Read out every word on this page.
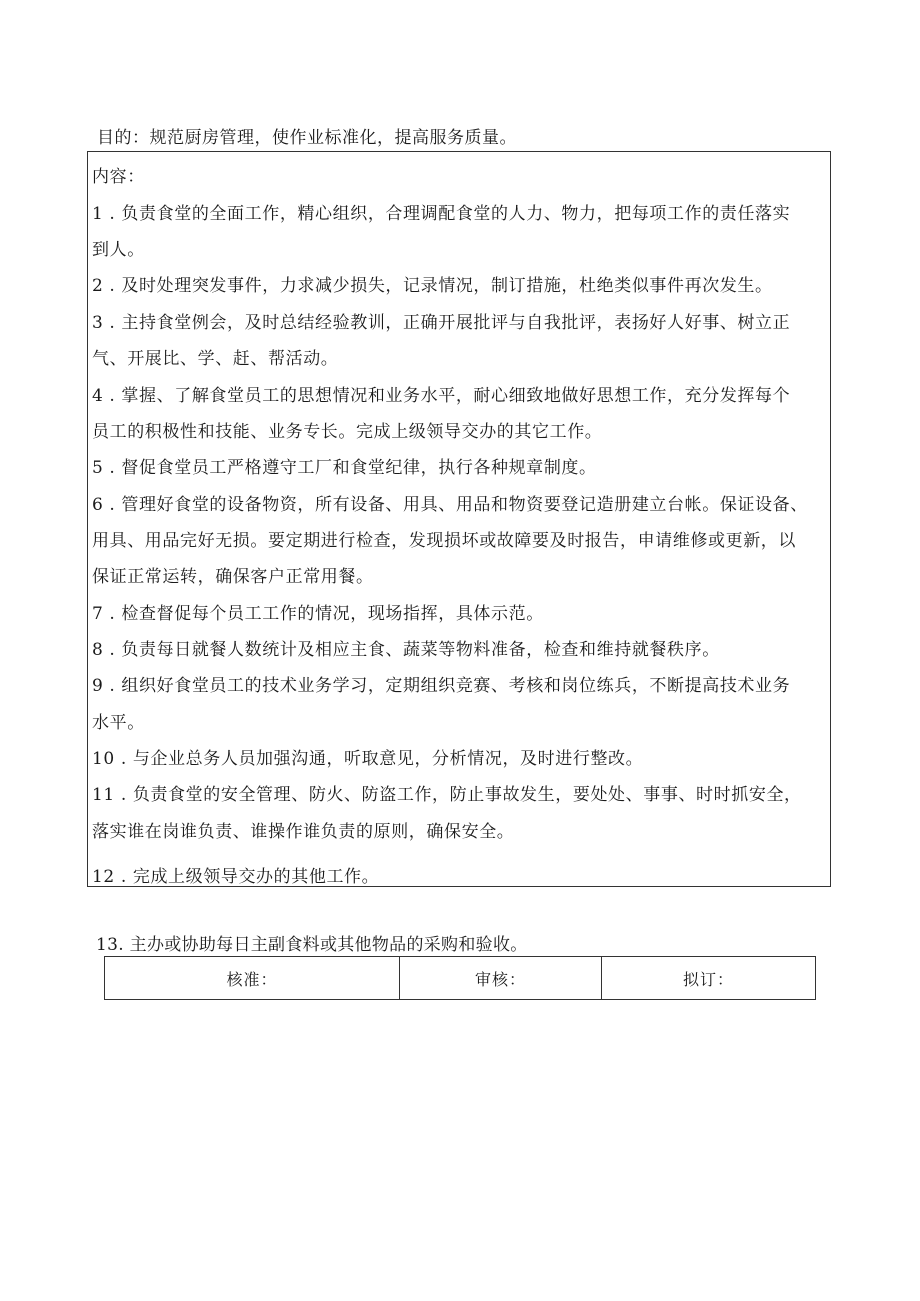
目的：规范厨房管理，使作业标准化，提高服务质量。
内容：
1 . 负责食堂的全面工作，精心组织，合理调配食堂的人力、物力，把每项工作的责任落实
到人。
2 . 及时处理突发事件，力求减少损失，记录情况，制订措施，杜绝类似事件再次发生。
3 . 主持食堂例会，及时总结经验教训，正确开展批评与自我批评，表扬好人好事、树立正
气、开展比、学、赶、帮活动。
4 . 掌握、了解食堂员工的思想情况和业务水平，耐心细致地做好思想工作，充分发挥每个
员工的积极性和技能、业务专长。完成上级领导交办的其它工作。
5 . 督促食堂员工严格遵守工厂和食堂纪律，执行各种规章制度。
6 . 管理好食堂的设备物资，所有设备、用具、用品和物资要登记造册建立台帐。保证设备、
用具、用品完好无损。要定期进行检查，发现损坏或故障要及时报告，申请维修或更新，以
保证正常运转，确保客户正常用餐。
7 . 检查督促每个员工工作的情况，现场指挥，具体示范。
8 . 负责每日就餐人数统计及相应主食、蔬菜等物料准备，检查和维持就餐秩序。
9 . 组织好食堂员工的技术业务学习，定期组织竞赛、考核和岗位练兵，不断提高技术业务
水平。
10 . 与企业总务人员加强沟通，听取意见，分析情况，及时进行整改。
11 . 负责食堂的安全管理、防火、防盗工作，防止事故发生，要处处、事事、时时抓安全，
落实谁在岗谁负责、谁操作谁负责的原则，确保安全。
12 . 完成上级领导交办的其他工作。
13. 主办或协助每日主副食料或其他物品的采购和验收。
核准：	审核：	拟订：
